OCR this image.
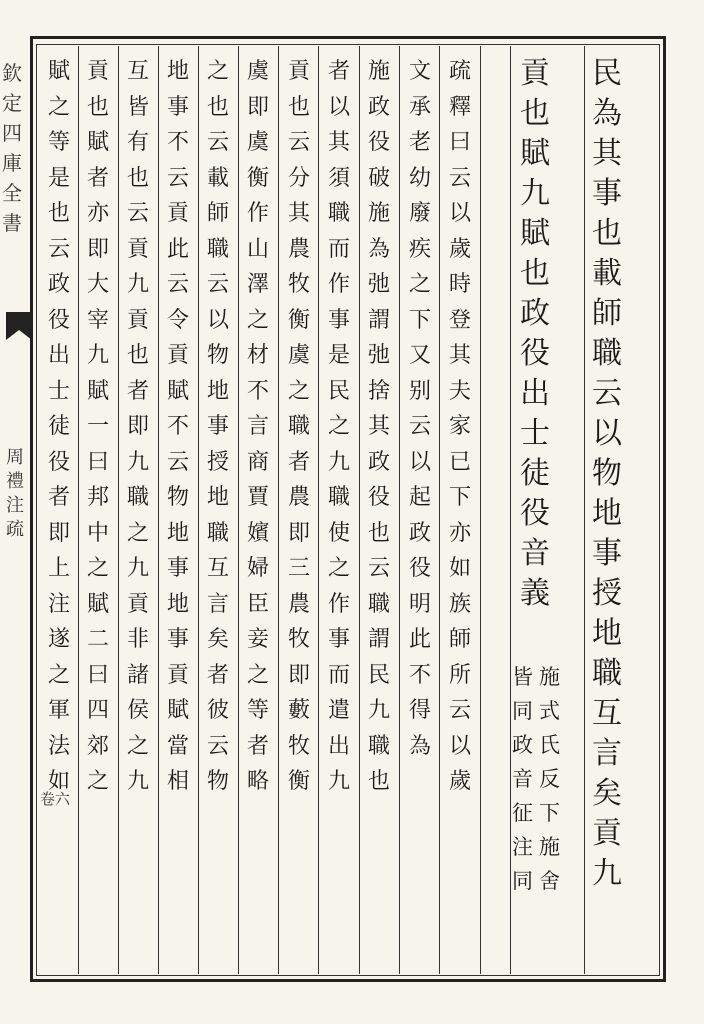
欽
定
四
庫
全
書
周
禮
注
疏
卷六
民
為
其
事
也
載
師
職
云
以
物
地
事
授
地
職
互
言
矣
貢
九
貢
也
賦
九
賦
也
政
役
出
士
徒
役
音
義
施
式
氏
反
下
施
舍
皆
同
政
音
征
注
同
疏
釋
曰
云
以
歲
時
登
其
夫
家
已
下
亦
如
族
師
所
云
以
歲
文
承
老
幼
廢
疾
之
下
又
别
云
以
起
政
役
明
此
不
得
為
施
政
役
破
施
為
弛
謂
弛
捨
其
政
役
也
云
職
謂
民
九
職
也
者
以
其
須
職
而
作
事
是
民
之
九
職
使
之
作
事
而
遣
出
九
貢
也
云
分
其
農
牧
衡
虞
之
職
者
農
即
三
農
牧
即
藪
牧
衡
虞
即
虞
衡
作
山
澤
之
材
不
言
商
賈
嬪
婦
臣
妾
之
等
者
略
之
也
云
載
師
職
云
以
物
地
事
授
地
職
互
言
矣
者
彼
云
物
地
事
不
云
貢
此
云
令
貢
賦
不
云
物
地
事
地
事
貢
賦
當
相
互
皆
有
也
云
貢
九
貢
也
者
即
九
職
之
九
貢
非
諸
侯
之
九
貢
也
賦
者
亦
即
大
宰
九
賦
一
曰
邦
中
之
賦
二
曰
四
郊
之
賦
之
等
是
也
云
政
役
出
士
徒
役
者
即
上
注
遂
之
軍
法
如
